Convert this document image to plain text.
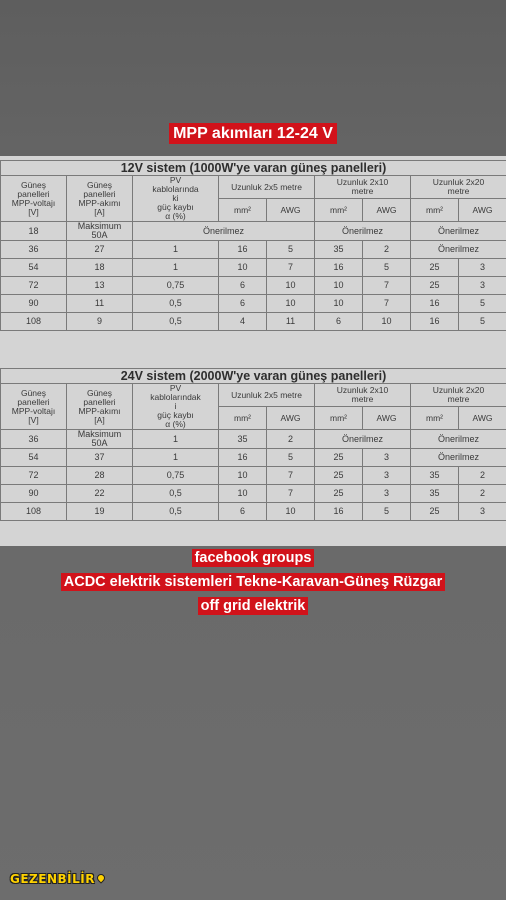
MPP akımları 12-24 V
12V sistem (1000W'ye varan güneş panelleri)								
Güneş
panelleri
MPP-voltajı
[V]	Güneş
panelleri
MPP-akımı
[A]	PV
kablolarında
ki
güç kaybı
α (%)	Uzunluk 2x5 metre		Uzunluk 2x10
metre		Uzunluk 2x20
metre	
			mm²	AWG	mm²	AWG	mm²	AWG
18	Maksimum
50A	Önerilmez			Önerilmez		Önerilmez	
36	27	1	16	5	35	2	Önerilmez	
54	18	1	10	7	16	5	25	3
72	13	0,75	6	10	10	7	25	3
90	11	0,5	6	10	10	7	16	5
108	9	0,5	4	11	6	10	16	5
24V sistem (2000W'ye varan güneş panelleri)								
Güneş
panelleri
MPP-voltajı
[V]	Güneş
panelleri
MPP-akımı
[A]	PV
kablolarındak
i
güç kaybı
α (%)	Uzunluk 2x5 metre		Uzunluk 2x10
metre		Uzunluk 2x20
metre	
			mm²	AWG	mm²	AWG	mm²	AWG
36	Maksimum
50A	1	35	2	Önerilmez		Önerilmez	
54	37	1	16	5	25	3	Önerilmez	
72	28	0,75	10	7	25	3	35	2
90	22	0,5	10	7	25	3	35	2
108	19	0,5	6	10	16	5	25	3
facebook groups
ACDC elektrik sistemleri Tekne-Karavan-Güneş Rüzgar
off grid elektrik
GEZENBİLİR
